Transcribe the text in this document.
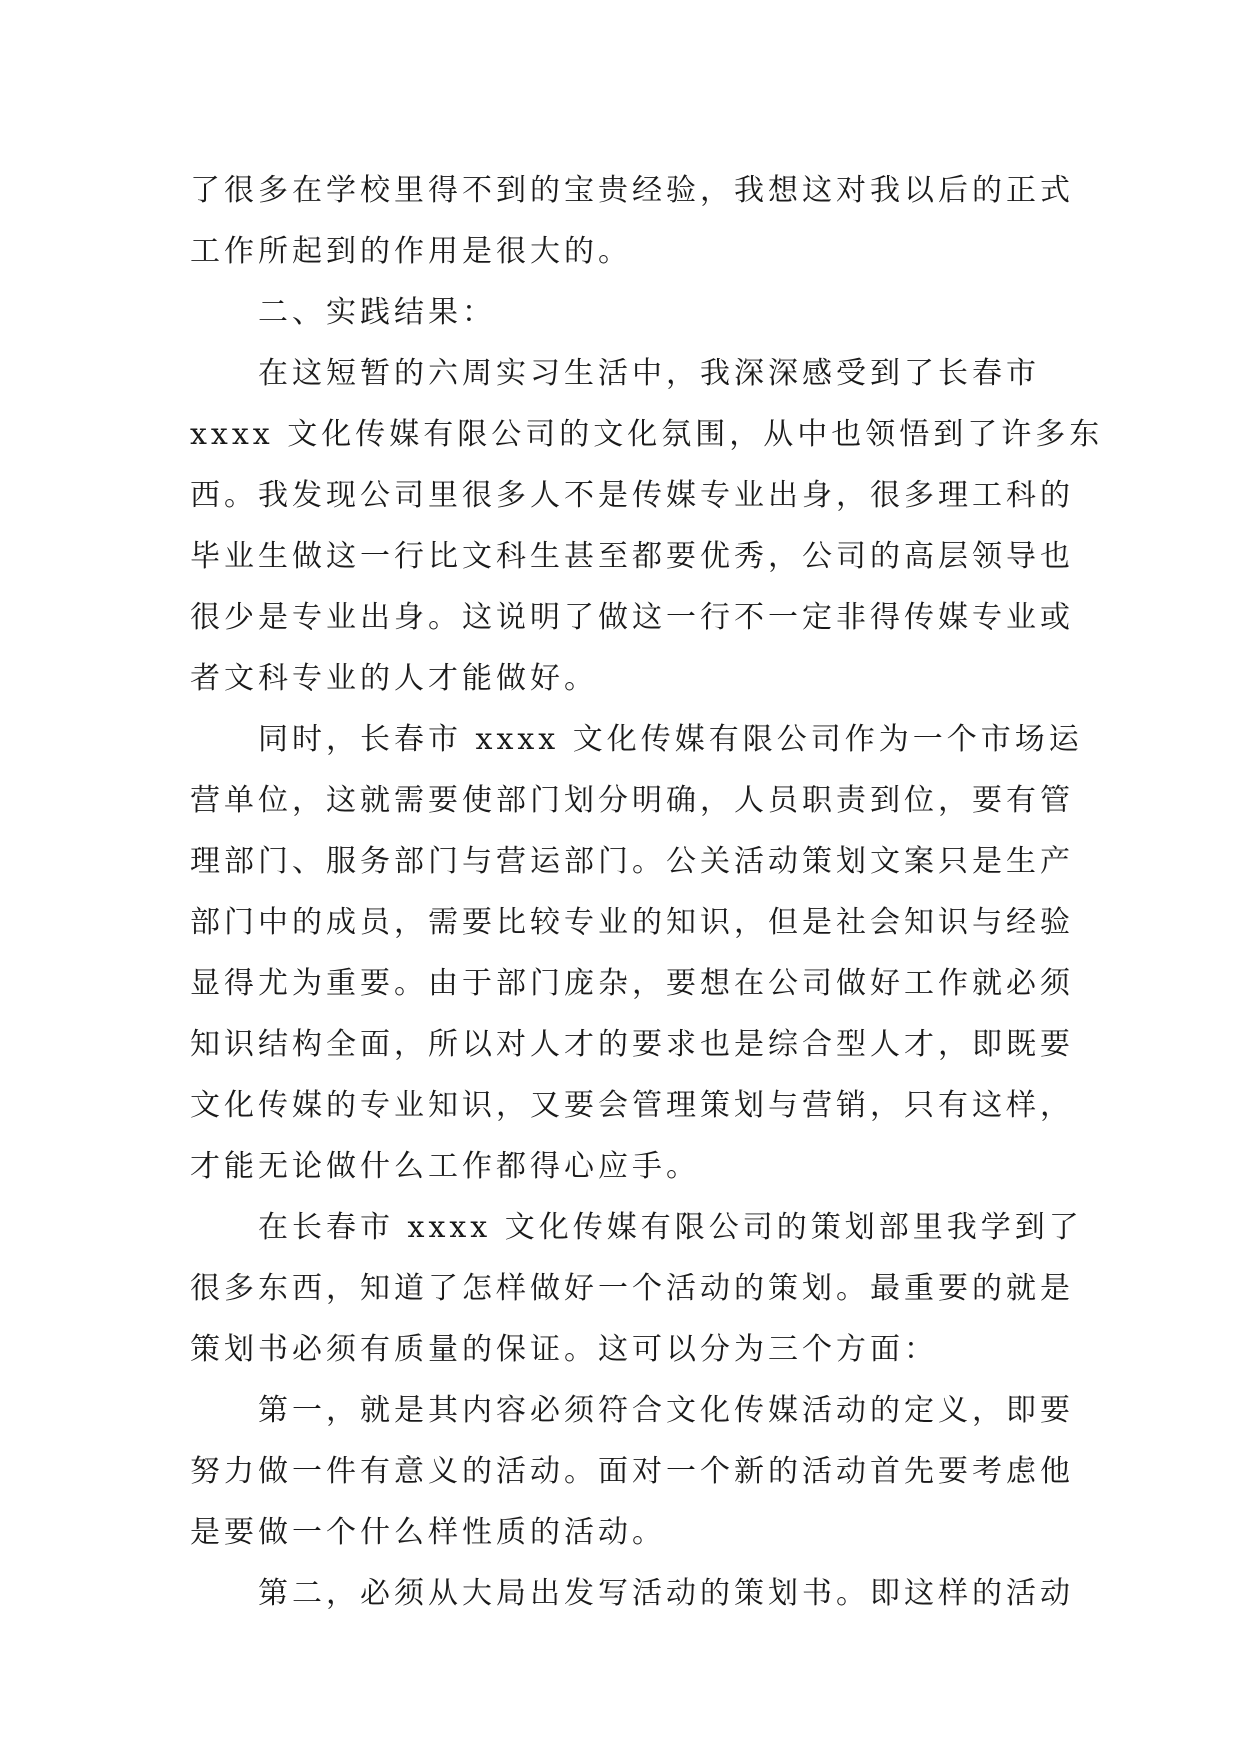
了很多在学校里得不到的宝贵经验，我想这对我以后的正式
工作所起到的作用是很大的。
二、实践结果：
在这短暂的六周实习生活中，我深深感受到了长春市
xxxx 文化传媒有限公司的文化氛围，从中也领悟到了许多东
西。我发现公司里很多人不是传媒专业出身，很多理工科的
毕业生做这一行比文科生甚至都要优秀，公司的高层领导也
很少是专业出身。这说明了做这一行不一定非得传媒专业或
者文科专业的人才能做好。
同时，长春市 xxxx 文化传媒有限公司作为一个市场运
营单位，这就需要使部门划分明确，人员职责到位，要有管
理部门、服务部门与营运部门。公关活动策划文案只是生产
部门中的成员，需要比较专业的知识，但是社会知识与经验
显得尤为重要。由于部门庞杂，要想在公司做好工作就必须
知识结构全面，所以对人才的要求也是综合型人才，即既要
文化传媒的专业知识，又要会管理策划与营销，只有这样，
才能无论做什么工作都得心应手。
在长春市 xxxx 文化传媒有限公司的策划部里我学到了
很多东西，知道了怎样做好一个活动的策划。最重要的就是
策划书必须有质量的保证。这可以分为三个方面：
第一，就是其内容必须符合文化传媒活动的定义，即要
努力做一件有意义的活动。面对一个新的活动首先要考虑他
是要做一个什么样性质的活动。
第二，必须从大局出发写活动的策划书。即这样的活动
